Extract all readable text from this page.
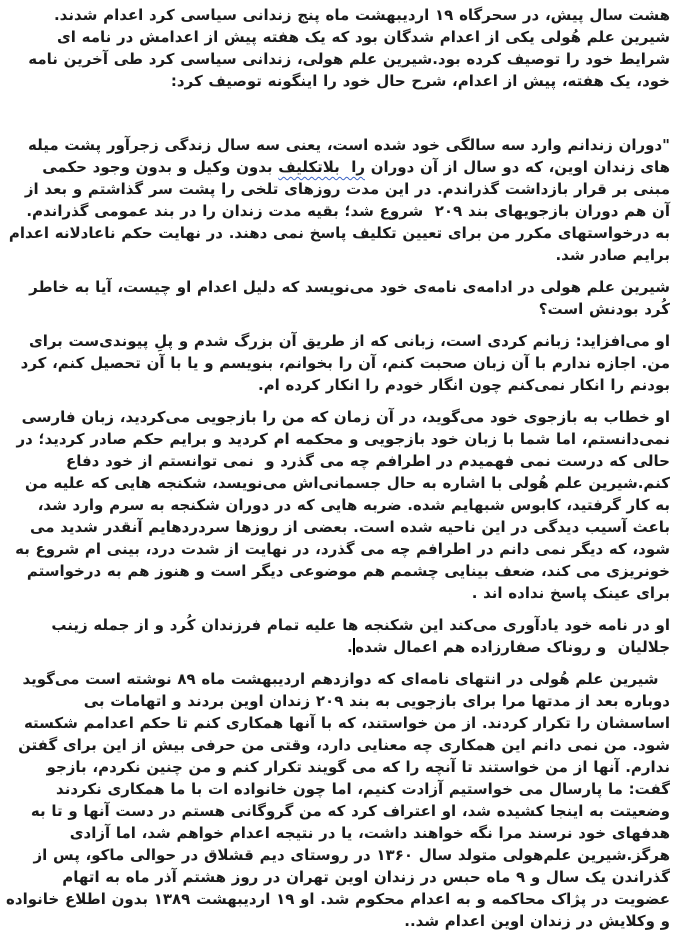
هشت سال پیش، در سحرگاه ۱۹ اردیبهشت ماه پنج زندانی سیاسی کرد اعدام شدند. شیرین علم هُولی یکی از اعدام شدگان بود که یک هفته پیش از اعدامش در نامه ای شرایط خود را توصیف کرده بود.شیرین علم هولی، زندانی سیاسی کرد طی آخرین نامه خود، یک هفته، پیش از اعدام، شرح حال خود را اینگونه توصیف کرد:

"دوران زندانم وارد سه سالگی خود شده است، یعنی سه سال زندگی زجرآور پشت میله های زندان اوین، که دو سال از آن دوران را  بلاتکلیف بدون وکیل و بدون وجود حکمی مبنی بر قرار بازداشت گذراندم. در این مدت روزهای تلخی را پشت سر گذاشتم و بعد از آن هم دوران بازجویهای بند ۲۰۹  شروع شد؛ بقیه مدت زندان را در بند عمومی گذراندم. به درخواستهای مکرر من برای تعیین تکلیف پاسخ نمی دهند. در نهایت حکم ناعادلانه اعدام برایم صادر شد.

شیرین علم هولی در ادامه‌ی نامه‌ی خود می‌نویسد که دلیل اعدام او چیست، آیا به خاطر کُرد بودنش است؟

او می‌افزاید: زبانم کردی است، زبانی که از طریق آن بزرگ شدم و پلِ پیوندی‌ست برای من. اجازه ندارم با آن زبان صحبت کنم، آن را بخوانم، بنویسم و یا با آن تحصیل کنم، کرد بودنم را انکار نمی‌کنم چون انگار خودم را انکار کرده ام.

او خطاب به بازجوی خود می‌گوید، در آن زمان که من را بازجویی می‌کردید، زبان فارسی نمی‌دانستم، اما شما با زبان خود بازجویی و محکمه ام کردید و برایم حکم صادر کردید؛ در حالی که درست نمی فهمیدم در اطرافم چه می گذرد و  نمی توانستم از خود دفاع کنم.شیرین علم هُولی با اشاره به حال جسمانی‌اش می‌نویسد، شکنجه هایی که علیه من به کار گرفتید، کابوس شبهایم شده. ضربه هایی که در دوران شکنجه به سرم وارد شد، باعث آسیب دیدگی در این ناحیه شده است. بعضی از روزها سردردهایم آنقدر شدید می شود، که دیگر نمی دانم در اطرافم چه می گذرد، در نهایت از شدت درد، بینی ام شروع به خونریزی می کند، ضعف بینایی چشمم هم موضوعی دیگر است و هنوز هم به درخواستم برای عینک پاسخ نداده اند .

او در نامه خود یادآوری می‌کند این شکنجه ها علیه تمام فرزندان کُرد و از جمله زینب جلالیان  و روناک صفارزاده هم اعمال شده.

شیرین علم هُولی در انتهای نامه‌ای که دوازدهم اردیبهشت ماه ۸۹ نوشته است می‌گوید دوباره بعد از مدتها مرا برای بازجویی به بند ۲۰۹ زندان اوین بردند و اتهامات بی اساسشان را تکرار کردند. از من خواستند، که با آنها همکاری کنم تا حکم اعدامم شکسته شود. من نمی دانم این همکاری چه معنایی دارد، وقتی من حرفی بیش از این برای گفتن ندارم. آنها از من خواستند تا آنچه را که می گویند تکرار کنم و من چنین نکردم، بازجو گفت: ما پارسال می خواستیم آزادت کنیم، اما چون خانواده ات با ما همکاری نکردند وضعیتت به اینجا کشیده شد، او اعتراف کرد که من گروگانی هستم در دست آنها و تا به هدفهای خود نرسند مرا نگه خواهند داشت، یا در نتیجه اعدام خواهم شد، اما آزادی هرگز.شیرین علم‌هولی متولد سال ۱۳۶۰ در روستای دیم قشلاق در حوالی ماکو، پس از گذراندن یک سال و ۹ ماه حبس در زندان اوین تهران در روز هشتم آذر ماه به اتهام عضویت در پژاک محاکمه و به اعدام محکوم شد. او ۱۹ اردیبهشت ۱۳۸۹ بدون اطلاع خانواده و وکلایش در زندان اوین اعدام شد..
